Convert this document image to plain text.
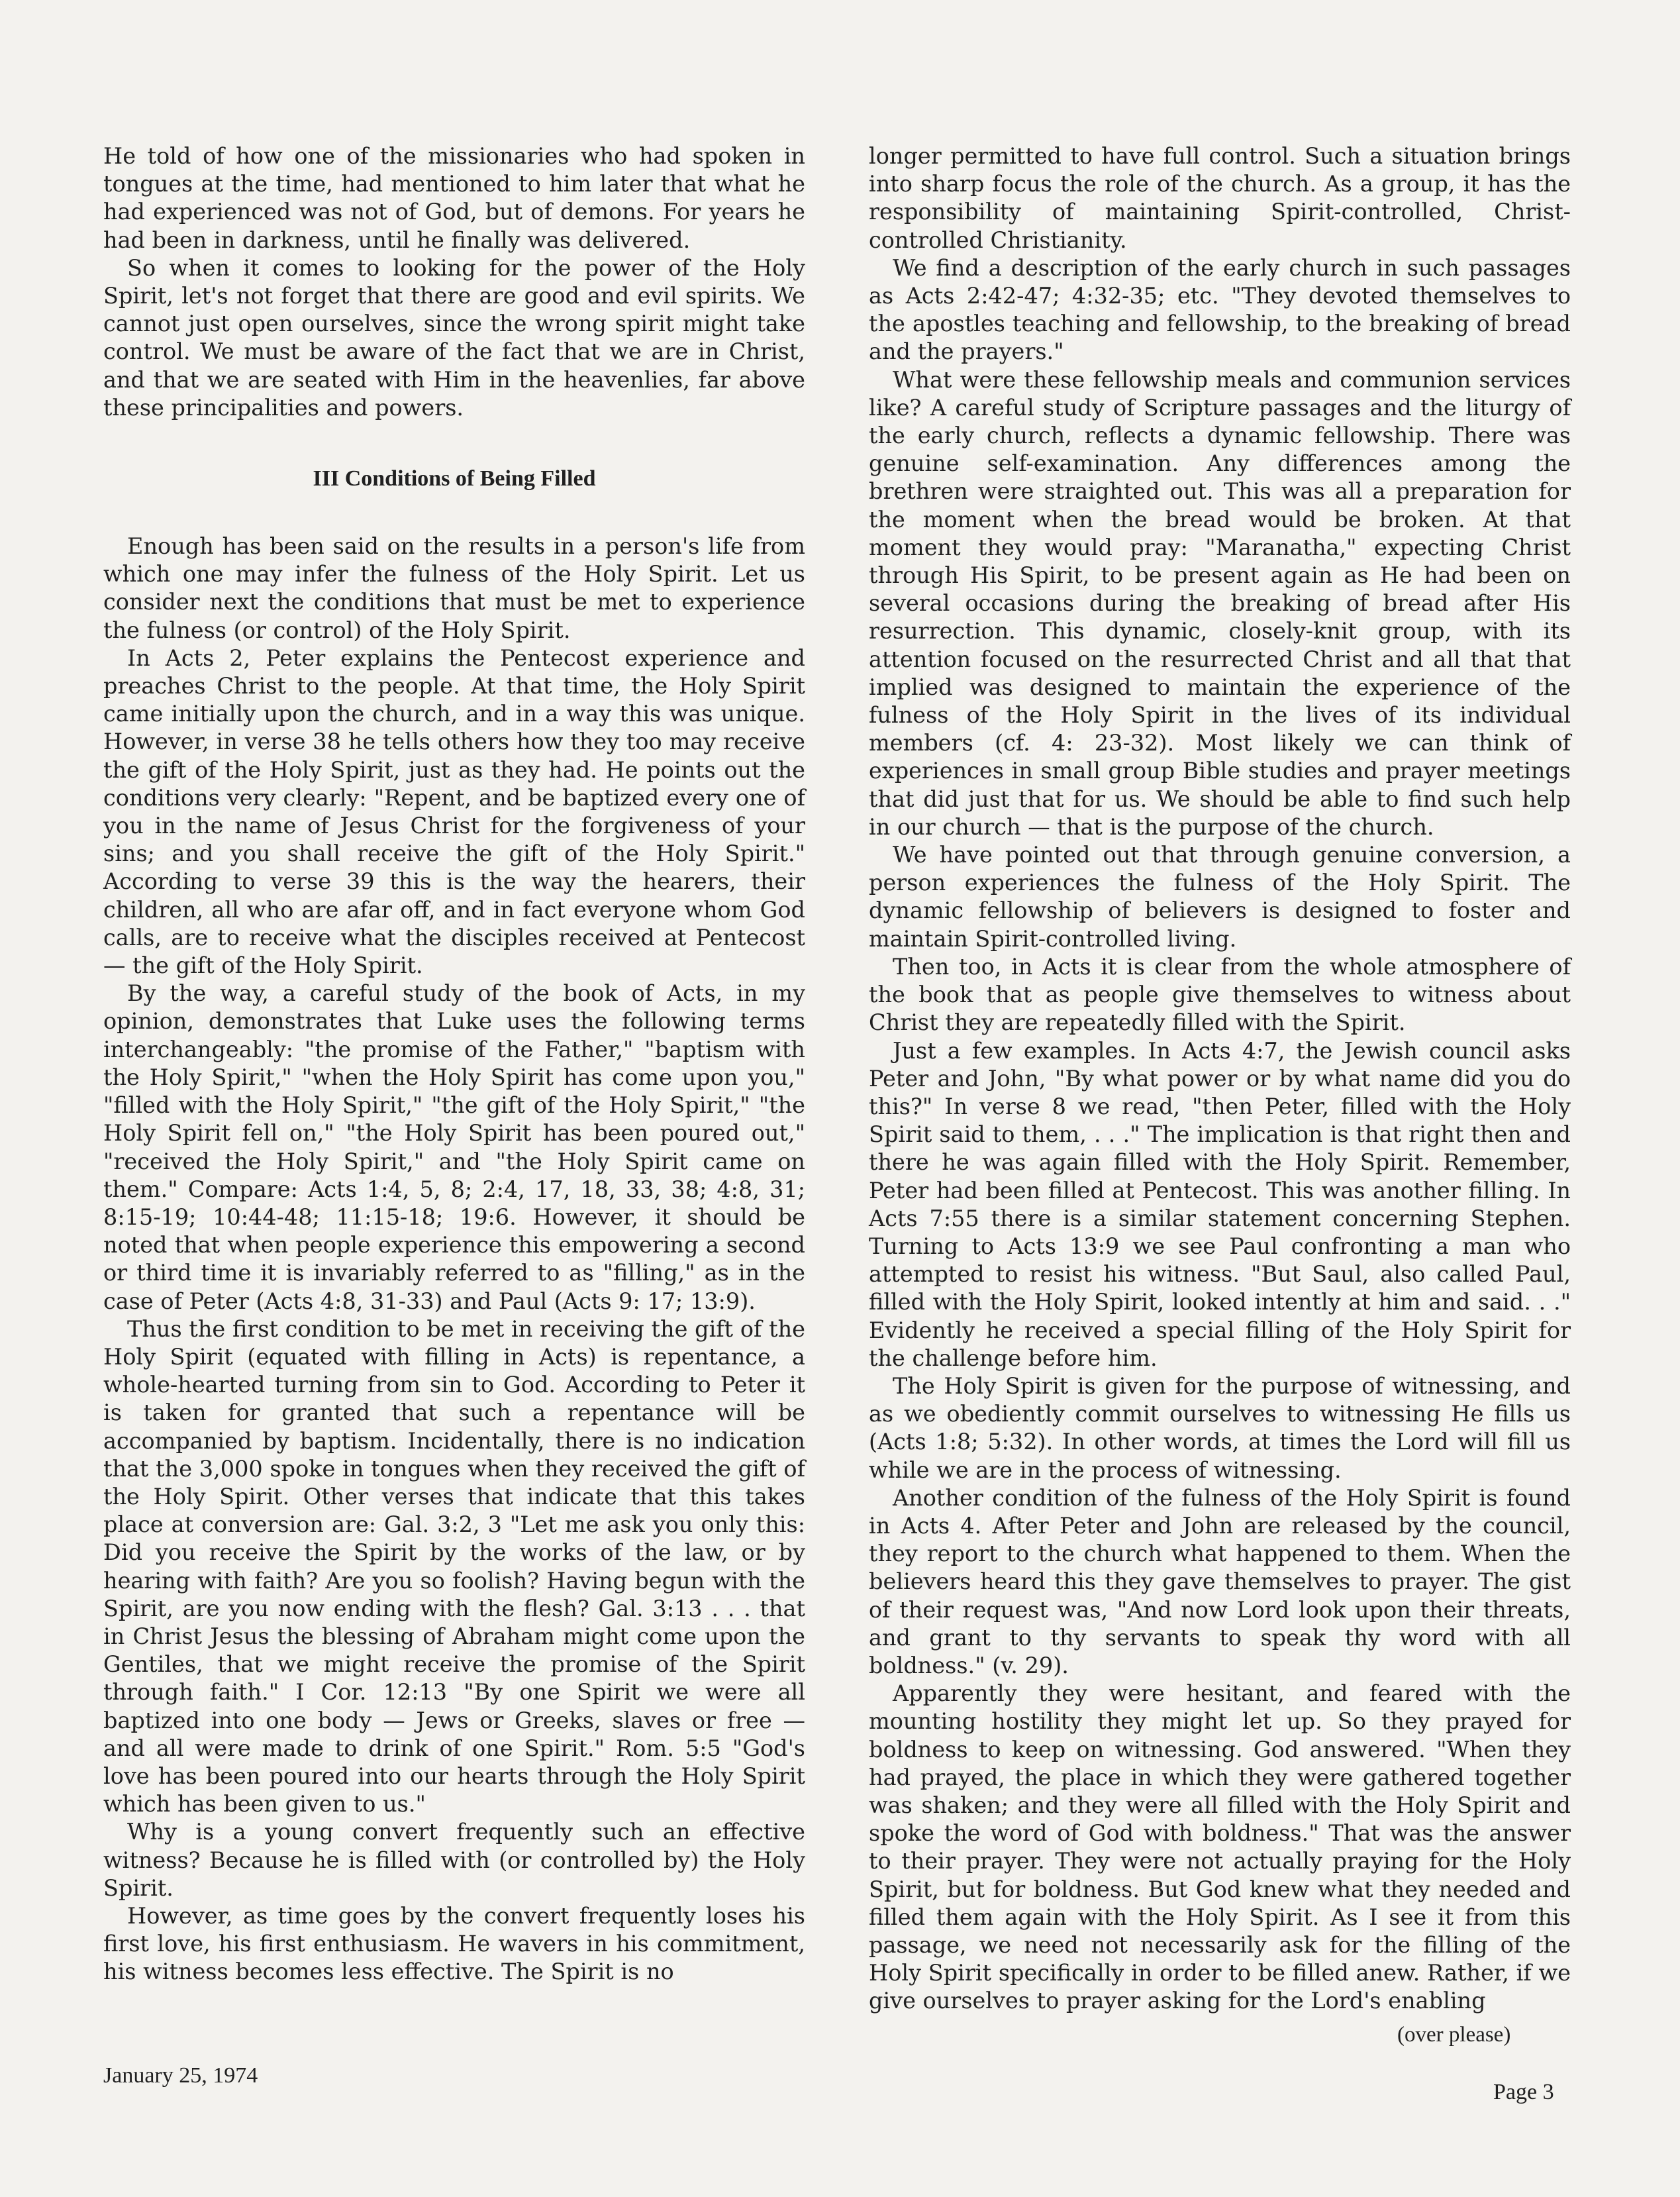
He told of how one of the missionaries who had spoken in tongues at the time, had mentioned to him later that what he had experienced was not of God, but of demons. For years he had been in darkness, until he finally was delivered.

So when it comes to looking for the power of the Holy Spirit, let's not forget that there are good and evil spirits. We cannot just open ourselves, since the wrong spirit might take control. We must be aware of the fact that we are in Christ, and that we are seated with Him in the heavenlies, far above these principalities and powers.

III Conditions of Being Filled

Enough has been said on the results in a person's life from which one may infer the fulness of the Holy Spirit. Let us consider next the conditions that must be met to experience the fulness (or control) of the Holy Spirit.

In Acts 2, Peter explains the Pentecost experience and preaches Christ to the people. At that time, the Holy Spirit came initially upon the church, and in a way this was unique. However, in verse 38 he tells others how they too may receive the gift of the Holy Spirit, just as they had. He points out the conditions very clearly: "Repent, and be baptized every one of you in the name of Jesus Christ for the forgiveness of your sins; and you shall receive the gift of the Holy Spirit." According to verse 39 this is the way the hearers, their children, all who are afar off, and in fact everyone whom God calls, are to receive what the disciples received at Pentecost — the gift of the Holy Spirit.

By the way, a careful study of the book of Acts, in my opinion, demonstrates that Luke uses the following terms interchangeably: "the promise of the Father," "baptism with the Holy Spirit," "when the Holy Spirit has come upon you," "filled with the Holy Spirit," "the gift of the Holy Spirit," "the Holy Spirit fell on," "the Holy Spirit has been poured out," "received the Holy Spirit," and "the Holy Spirit came on them." Compare: Acts 1:4, 5, 8; 2:4, 17, 18, 33, 38; 4:8, 31; 8:15-19; 10:44-48; 11:15-18; 19:6. However, it should be noted that when people experience this empowering a second or third time it is invariably referred to as "filling," as in the case of Peter (Acts 4:8, 31-33) and Paul (Acts 9: 17; 13:9).

Thus the first condition to be met in receiving the gift of the Holy Spirit (equated with filling in Acts) is repentance, a whole-hearted turning from sin to God. According to Peter it is taken for granted that such a repentance will be accompanied by baptism. Incidentally, there is no indication that the 3,000 spoke in tongues when they received the gift of the Holy Spirit. Other verses that indicate that this takes place at conversion are: Gal. 3:2, 3 "Let me ask you only this: Did you receive the Spirit by the works of the law, or by hearing with faith? Are you so foolish? Having begun with the Spirit, are you now ending with the flesh? Gal. 3:13 . . . that in Christ Jesus the blessing of Abraham might come upon the Gentiles, that we might receive the promise of the Spirit through faith." I Cor. 12:13 "By one Spirit we were all baptized into one body — Jews or Greeks, slaves or free — and all were made to drink of one Spirit." Rom. 5:5 "God's love has been poured into our hearts through the Holy Spirit which has been given to us."

Why is a young convert frequently such an effective witness? Because he is filled with (or controlled by) the Holy Spirit.

However, as time goes by the convert frequently loses his first love, his first enthusiasm. He wavers in his commitment, his witness becomes less effective. The Spirit is no

longer permitted to have full control. Such a situation brings into sharp focus the role of the church. As a group, it has the responsibility of maintaining Spirit-controlled, Christ-controlled Christianity.

We find a description of the early church in such passages as Acts 2:42-47; 4:32-35; etc. "They devoted themselves to the apostles teaching and fellowship, to the breaking of bread and the prayers."

What were these fellowship meals and communion services like? A careful study of Scripture passages and the liturgy of the early church, reflects a dynamic fellowship. There was genuine self-examination. Any differences among the brethren were straighted out. This was all a preparation for the moment when the bread would be broken. At that moment they would pray: "Maranatha," expecting Christ through His Spirit, to be present again as He had been on several occasions during the breaking of bread after His resurrection. This dynamic, closely-knit group, with its attention focused on the resurrected Christ and all that that implied was designed to maintain the experience of the fulness of the Holy Spirit in the lives of its individual members (cf. 4: 23-32). Most likely we can think of experiences in small group Bible studies and prayer meetings that did just that for us. We should be able to find such help in our church — that is the purpose of the church.

We have pointed out that through genuine conversion, a person experiences the fulness of the Holy Spirit. The dynamic fellowship of believers is designed to foster and maintain Spirit-controlled living.

Then too, in Acts it is clear from the whole atmosphere of the book that as people give themselves to witness about Christ they are repeatedly filled with the Spirit.

Just a few examples. In Acts 4:7, the Jewish council asks Peter and John, "By what power or by what name did you do this?" In verse 8 we read, "then Peter, filled with the Holy Spirit said to them, . . ." The implication is that right then and there he was again filled with the Holy Spirit. Remember, Peter had been filled at Pentecost. This was another filling. In Acts 7:55 there is a similar statement concerning Stephen. Turning to Acts 13:9 we see Paul confronting a man who attempted to resist his witness. "But Saul, also called Paul, filled with the Holy Spirit, looked intently at him and said. . ." Evidently he received a special filling of the Holy Spirit for the challenge before him.

The Holy Spirit is given for the purpose of witnessing, and as we obediently commit ourselves to witnessing He fills us (Acts 1:8; 5:32). In other words, at times the Lord will fill us while we are in the process of witnessing.

Another condition of the fulness of the Holy Spirit is found in Acts 4. After Peter and John are released by the council, they report to the church what happened to them. When the believers heard this they gave themselves to prayer. The gist of their request was, "And now Lord look upon their threats, and grant to thy servants to speak thy word with all boldness." (v. 29).

Apparently they were hesitant, and feared with the mounting hostility they might let up. So they prayed for boldness to keep on witnessing. God answered. "When they had prayed, the place in which they were gathered together was shaken; and they were all filled with the Holy Spirit and spoke the word of God with boldness." That was the answer to their prayer. They were not actually praying for the Holy Spirit, but for boldness. But God knew what they needed and filled them again with the Holy Spirit. As I see it from this passage, we need not necessarily ask for the filling of the Holy Spirit specifically in order to be filled anew. Rather, if we give ourselves to prayer asking for the Lord's enabling

(over please)
January 25, 1974
Page 3
